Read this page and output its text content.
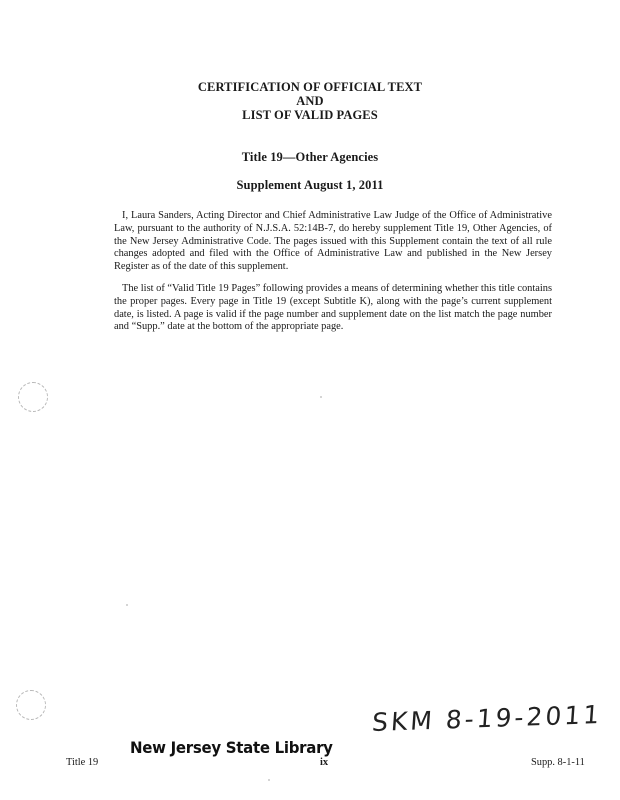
CERTIFICATION OF OFFICIAL TEXT
AND
LIST OF VALID PAGES
Title 19—Other Agencies
Supplement August 1, 2011

I, Laura Sanders, Acting Director and Chief Administrative Law Judge of the Office of Administrative Law, pursuant to the authority of N.J.S.A. 52:14B-7, do hereby supplement Title 19, Other Agencies, of the New Jersey Administrative Code. The pages issued with this Supplement contain the text of all rule changes adopted and filed with the Office of Administrative Law and published in the New Jersey Register as of the date of this supplement.

The list of “Valid Title 19 Pages” following provides a means of determining whether this title contains the proper pages. Every page in Title 19 (except Subtitle K), along with the page’s current supplement date, is listed. A page is valid if the page number and supplement date on the list match the page number and “Supp.” date at the bottom of the appropriate page.

SKM 8-19-2011
New Jersey State Library
Title 19	ix	Supp. 8-1-11
